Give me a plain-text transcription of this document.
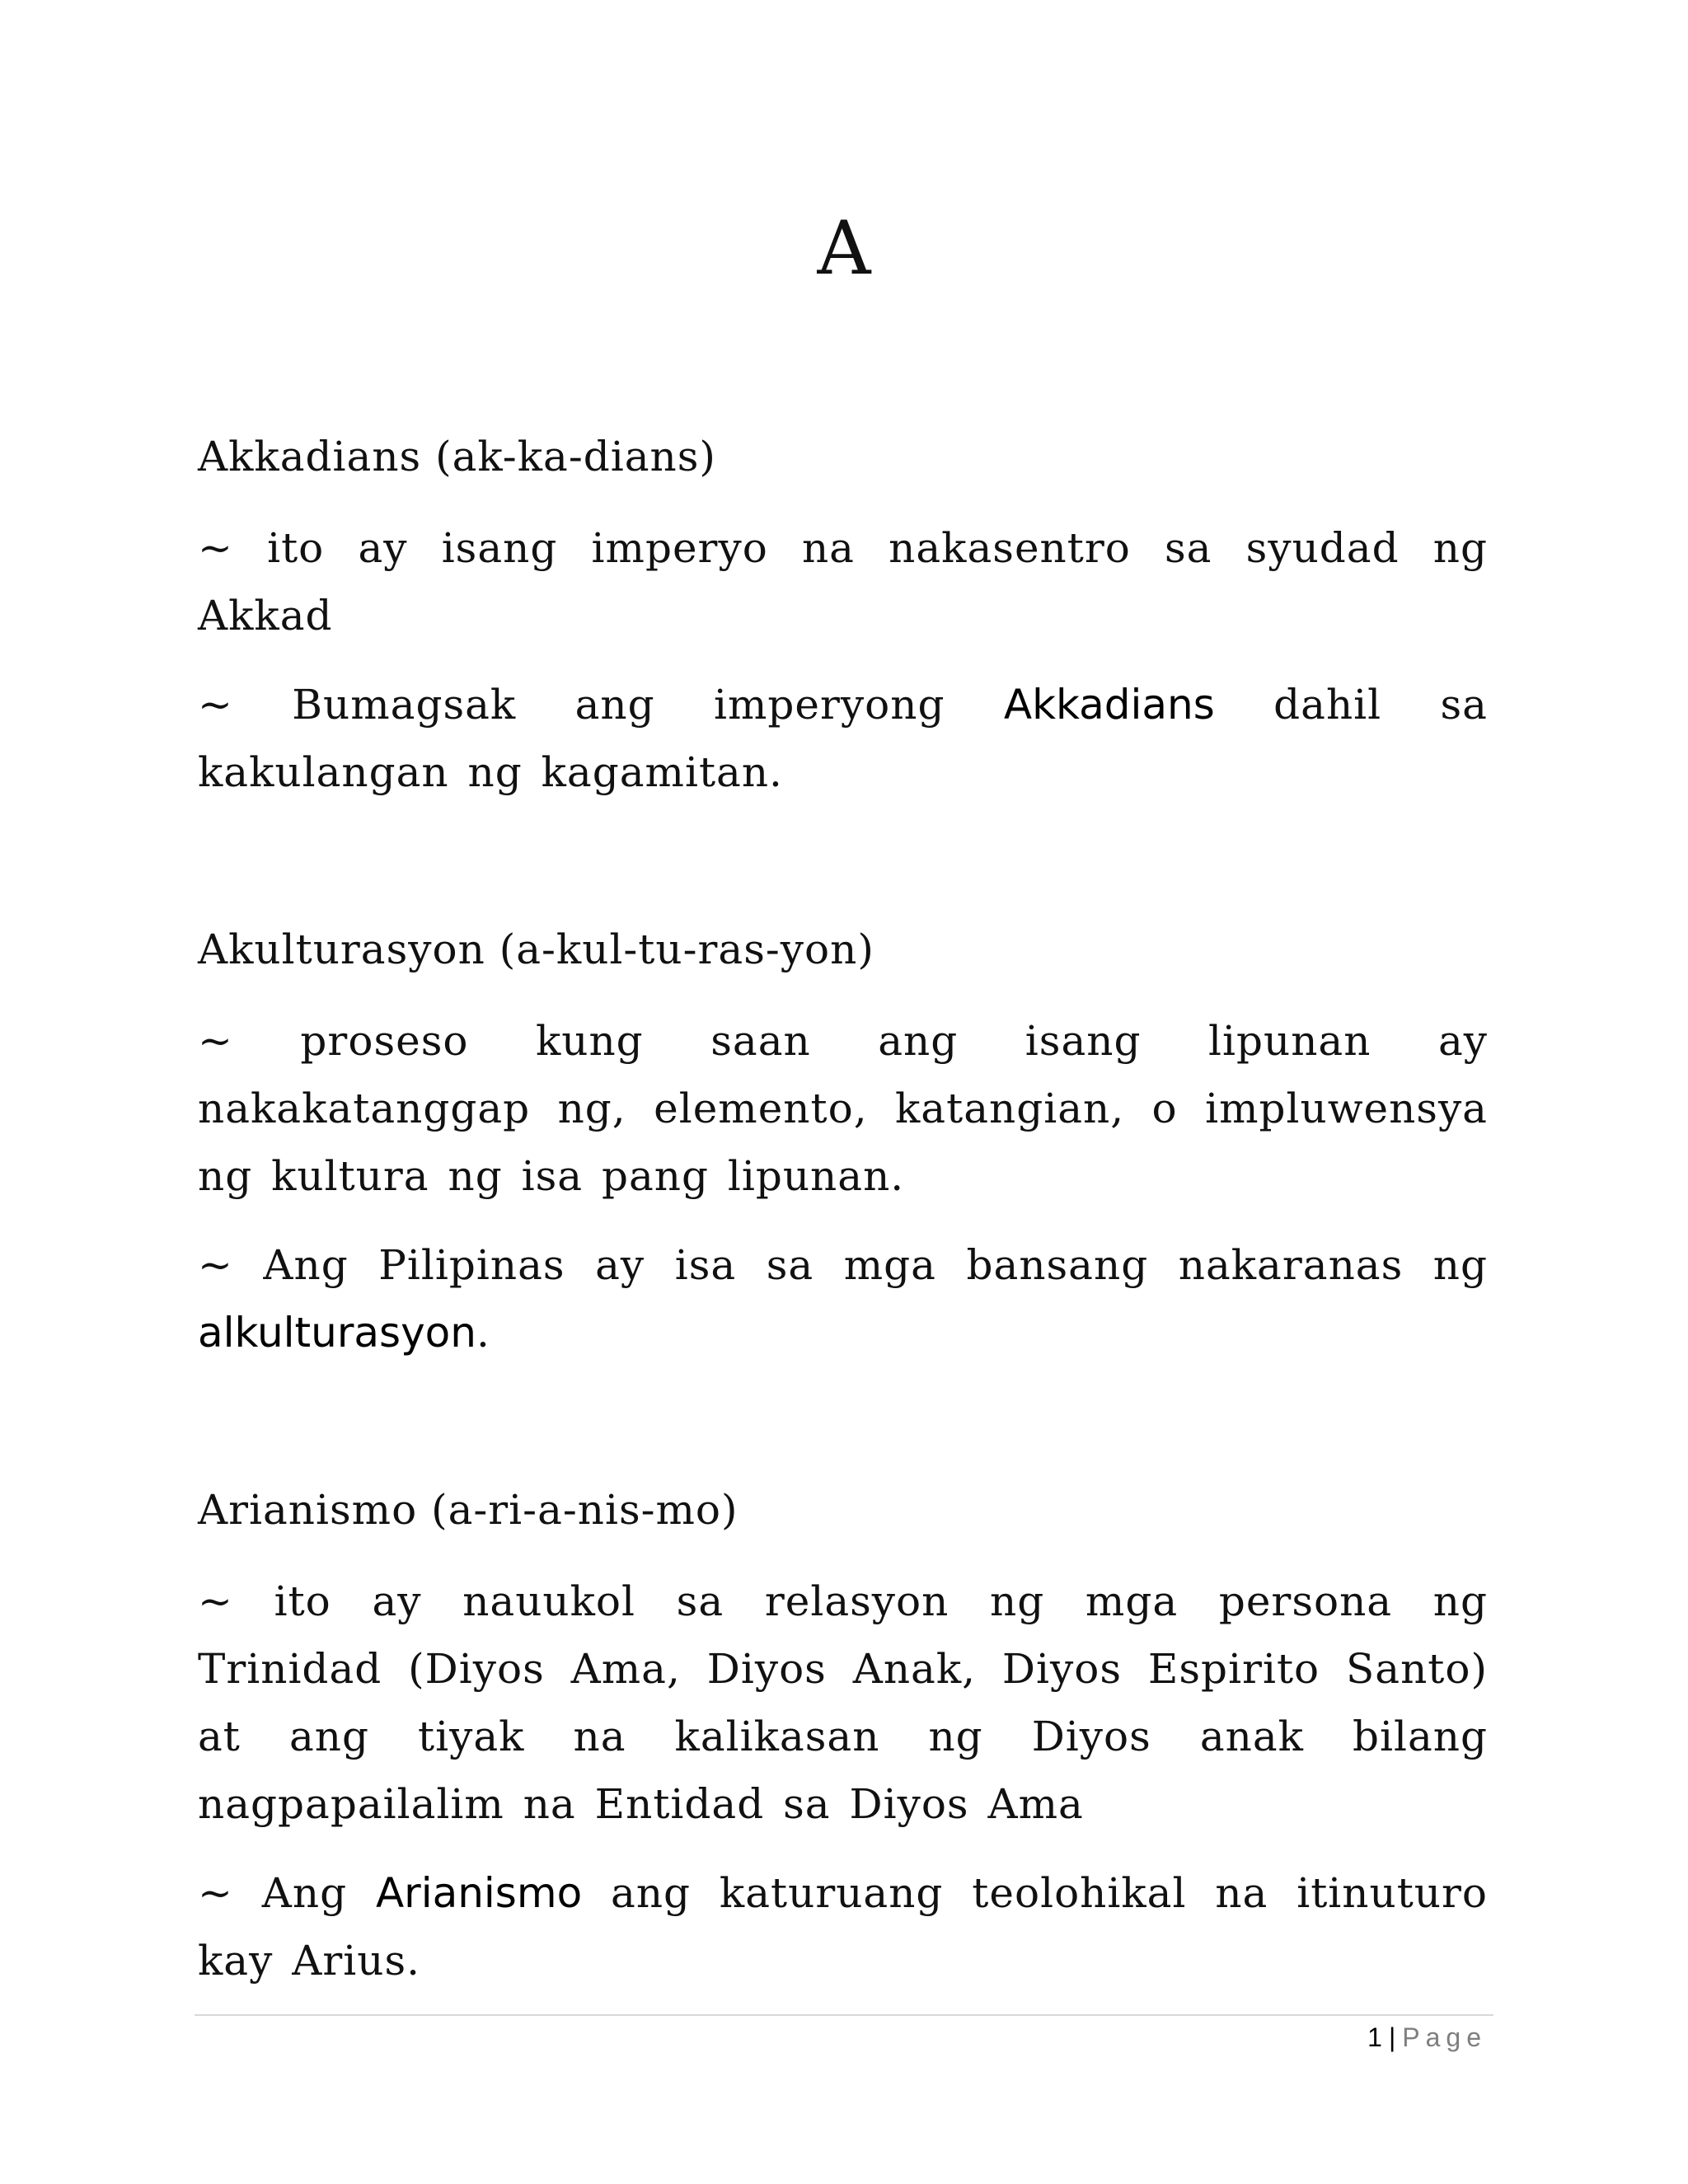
A

Akkadians (ak-ka-dians)

~ ito ay isang imperyo na nakasentro sa syudad ng Akkad

~ Bumagsak ang imperyong Akkadians dahil sa kakulangan ng kagamitan.

Akulturasyon (a-kul-tu-ras-yon)

~ proseso kung saan ang isang lipunan ay nakakatanggap ng, elemento, katangian, o impluwensya ng kultura ng isa pang lipunan.

~ Ang Pilipinas ay isa sa mga bansang nakaranas ng alkulturasyon.

Arianismo (a-ri-a-nis-mo)

~ ito ay nauukol sa relasyon ng mga persona ng Trinidad (Diyos Ama, Diyos Anak, Diyos Espirito Santo) at ang tiyak na kalikasan ng Diyos anak bilang nagpapailalim na Entidad sa Diyos Ama

~ Ang Arianismo ang katuruang teolohikal na itinuturo kay Arius.

1 | Page
